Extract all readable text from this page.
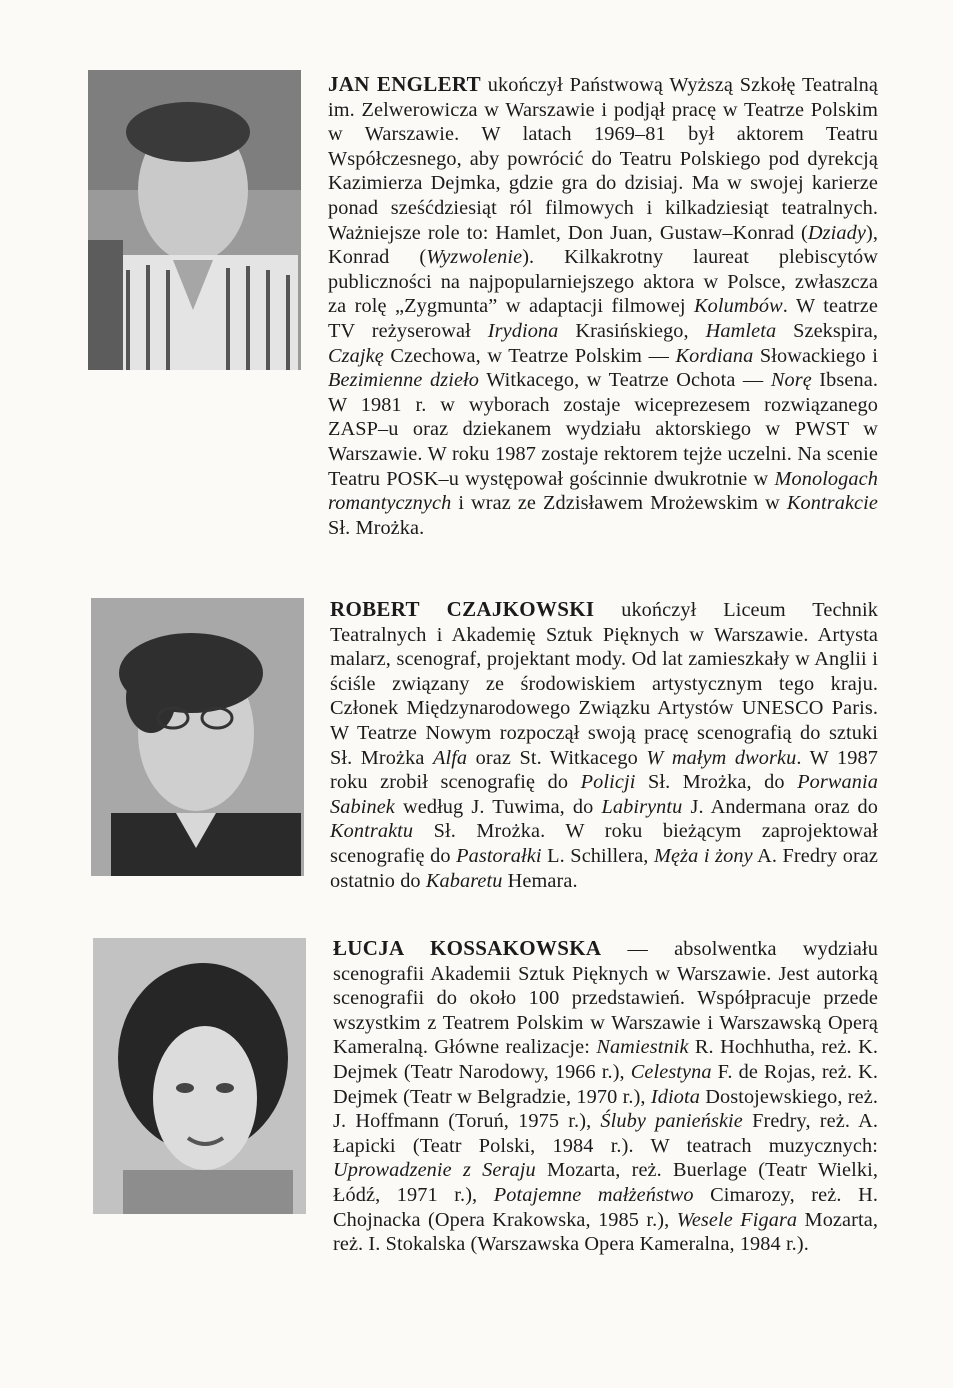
JAN ENGLERT ukończył Państwową Wyższą Szkołę Teatralną im. Zelwerowicza w Warszawie i podjął pracę w Teatrze Polskim w Warszawie. W latach 1969–81 był aktorem Teatru Współczesnego, aby powrócić do Teatru Polskiego pod dyrekcją Kazimierza Dejmka, gdzie gra do dzisiaj. Ma w swojej karierze ponad sześćdziesiąt ról filmowych i kilkadziesiąt teatralnych. Ważniejsze role to: Hamlet, Don Juan, Gustaw–Konrad (Dziady), Konrad (Wyzwolenie). Kilkakrotny laureat plebiscytów publiczności na najpopularniejszego aktora w Polsce, zwłaszcza za rolę „Zygmunta” w adaptacji filmowej Kolumbów. W teatrze TV reżyserował Irydiona Krasińskiego, Hamleta Szekspira, Czajkę Czechowa, w Teatrze Polskim — Kordiana Słowackiego i Bezimienne dzieło Witkacego, w Teatrze Ochota — Norę Ibsena. W 1981 r. w wyborach zostaje wiceprezesem rozwiązanego ZASP–u oraz dziekanem wydziału aktorskiego w PWST w Warszawie. W roku 1987 zostaje rektorem tejże uczelni. Na scenie Teatru POSK–u występował gościnnie dwukrotnie w Monologach romantycznych i wraz ze Zdzisławem Mrożewskim w Kontrakcie Sł. Mrożka.
ROBERT CZAJKOWSKI ukończył Liceum Technik Teatralnych i Akademię Sztuk Pięknych w Warszawie. Artysta malarz, scenograf, projektant mody. Od lat zamieszkały w Anglii i ściśle związany ze środowiskiem artystycznym tego kraju. Członek Międzynarodowego Związku Artystów UNESCO Paris. W Teatrze Nowym rozpoczął swoją pracę scenografią do sztuki Sł. Mrożka Alfa oraz St. Witkacego W małym dworku. W 1987 roku zrobił scenografię do Policji Sł. Mrożka, do Porwania Sabinek według J. Tuwima, do Labiryntu J. Andermana oraz do Kontraktu Sł. Mrożka. W roku bieżącym zaprojektował scenografię do Pastorałki L. Schillera, Męża i żony A. Fredry oraz ostatnio do Kabaretu Hemara.
ŁUCJA KOSSAKOWSKA — absolwentka wydziału scenografii Akademii Sztuk Pięknych w Warszawie. Jest autorką scenografii do około 100 przedstawień. Współpracuje przede wszystkim z Teatrem Polskim w Warszawie i Warszawską Operą Kameralną. Główne realizacje: Namiestnik R. Hochhutha, reż. K. Dejmek (Teatr Narodowy, 1966 r.), Celestyna F. de Rojas, reż. K. Dejmek (Teatr w Belgradzie, 1970 r.), Idiota Dostojewskiego, reż. J. Hoffmann (Toruń, 1975 r.), Śluby panieńskie Fredry, reż. A. Łapicki (Teatr Polski, 1984 r.). W teatrach muzycznych: Uprowadzenie z Seraju Mozarta, reż. Buerlage (Teatr Wielki, Łódź, 1971 r.), Potajemne małżeństwo Cimarozy, reż. H. Chojnacka (Opera Krakowska, 1985 r.), Wesele Figara Mozarta, reż. I. Stokalska (Warszawska Opera Kameralna, 1984 r.).
